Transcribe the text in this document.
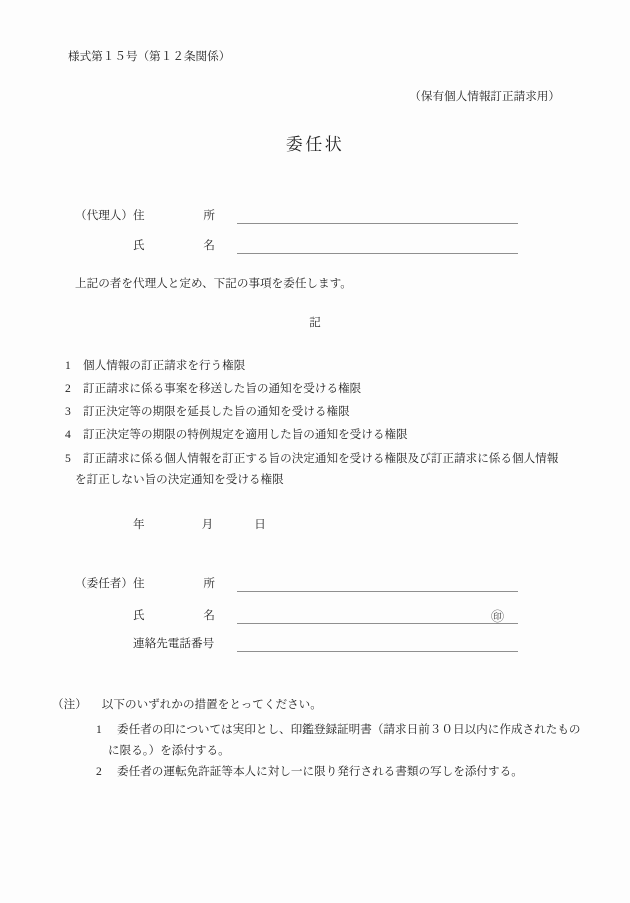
様式第１５号（第１２条関係）
（保有個人情報訂正請求用）
委任状
（代理人） 住	所
氏	名
上記の者を代理人と定め、下記の事項を委任します。
記
1 個人情報の訂正請求を行う権限
2 訂正請求に係る事案を移送した旨の通知を受ける権限
3 訂正決定等の期限を延長した旨の通知を受ける権限
4 訂正決定等の期限の特例規定を適用した旨の通知を受ける権限
5 訂正請求に係る個人情報を訂正する旨の決定通知を受ける権限及び訂正請求に係る個人情報を訂正しない旨の決定通知を受ける権限
年	月	日
（委任者） 住	所
氏	名	㊞
連絡先電話番号
（注） 以下のいずれかの措置をとってください。
1 委任者の印については実印とし、印鑑登録証明書（請求日前３０日以内に作成されたものに限る。）を添付する。
2 委任者の運転免許証等本人に対し一に限り発行される書類の写しを添付する。
